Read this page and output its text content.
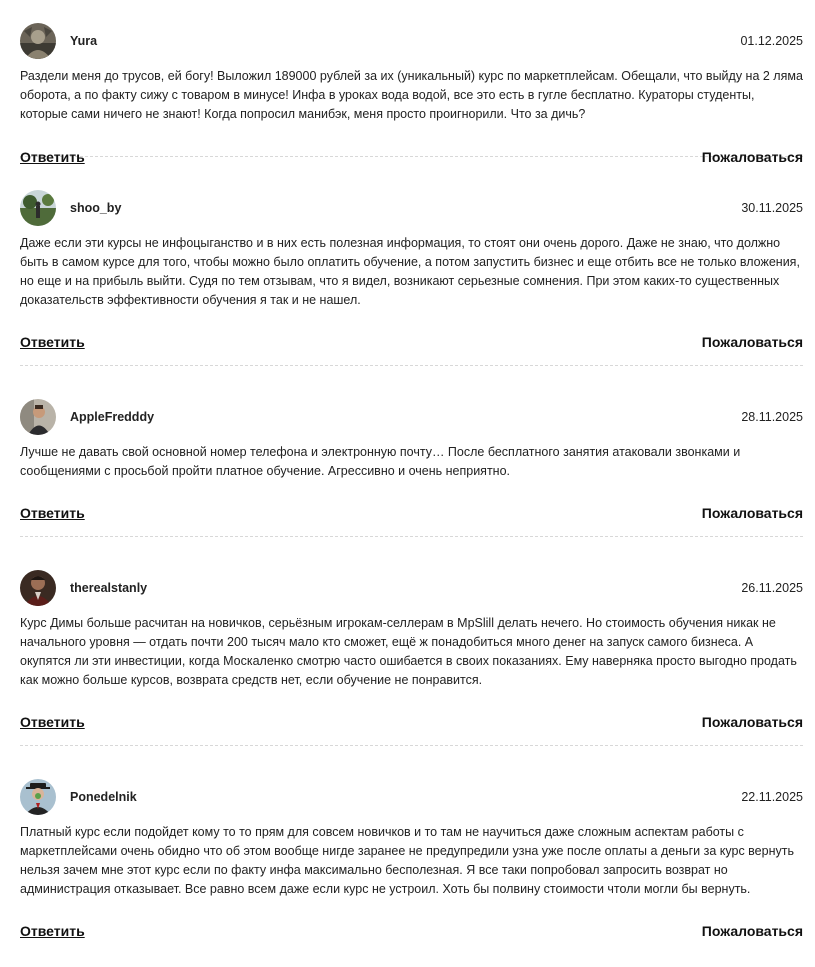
Yura	01.12.2025
Раздели меня до трусов, ей богу! Выложил 189000 рублей за их (уникальный) курс по маркетплейсам. Обещали, что выйду на 2 ляма оборота, а по факту сижу с товаром в минусе! Инфа в уроках вода водой, все это есть в гугле бесплатно. Кураторы студенты, которые сами ничего не знают! Когда попросил манибэк, меня просто проигнорили. Что за дичь?
Ответить	Пожаловаться
shoo_by	30.11.2025
Даже если эти курсы не инфоцыганство и в них есть полезная информация, то стоят они очень дорого. Даже не знаю, что должно быть в самом курсе для того, чтобы можно было оплатить обучение, а потом запустить бизнес и еще отбить все не только вложения, но еще и на прибыль выйти. Судя по тем отзывам, что я видел, возникают серьезные сомнения. При этом каких-то существенных доказательств эффективности обучения я так и не нашел.
Ответить	Пожаловаться
AppleFredddy	28.11.2025
Лучше не давать свой основной номер телефона и электронную почту… После бесплатного занятия атаковали звонками и сообщениями с просьбой пройти платное обучение. Агрессивно и очень неприятно.
Ответить	Пожаловаться
therealstanly	26.11.2025
Курс Димы больше расчитан на новичков, серьёзным игрокам-селлерам в MpSlill делать нечего. Но стоимость обучения никак не начального уровня — отдать почти 200 тысяч мало кто сможет, ещё ж понадобиться много денег на запуск самого бизнеса. А окупятся ли эти инвестиции, когда Москаленко смотрю часто ошибается в своих показаниях. Ему наверняка просто выгодно продать как можно больше курсов, возврата средств нет, если обучение не понравится.
Ответить	Пожаловаться
Ponedelnik	22.11.2025
Платный курс если подойдет кому то то прям для совсем новичков и то там не научиться даже сложным аспектам работы с маркетплейсами очень обидно что об этом вообще нигде заранее не предупредили узна уже после оплаты а деньги за курс вернуть нельзя зачем мне этот курс если по факту инфа максимально бесполезная. Я все таки попробовал запросить возврат но администрация отказывает. Все равно всем даже если курс не устроил. Хоть бы полвину стоимости чтоли могли бы вернуть.
Ответить	Пожаловаться
